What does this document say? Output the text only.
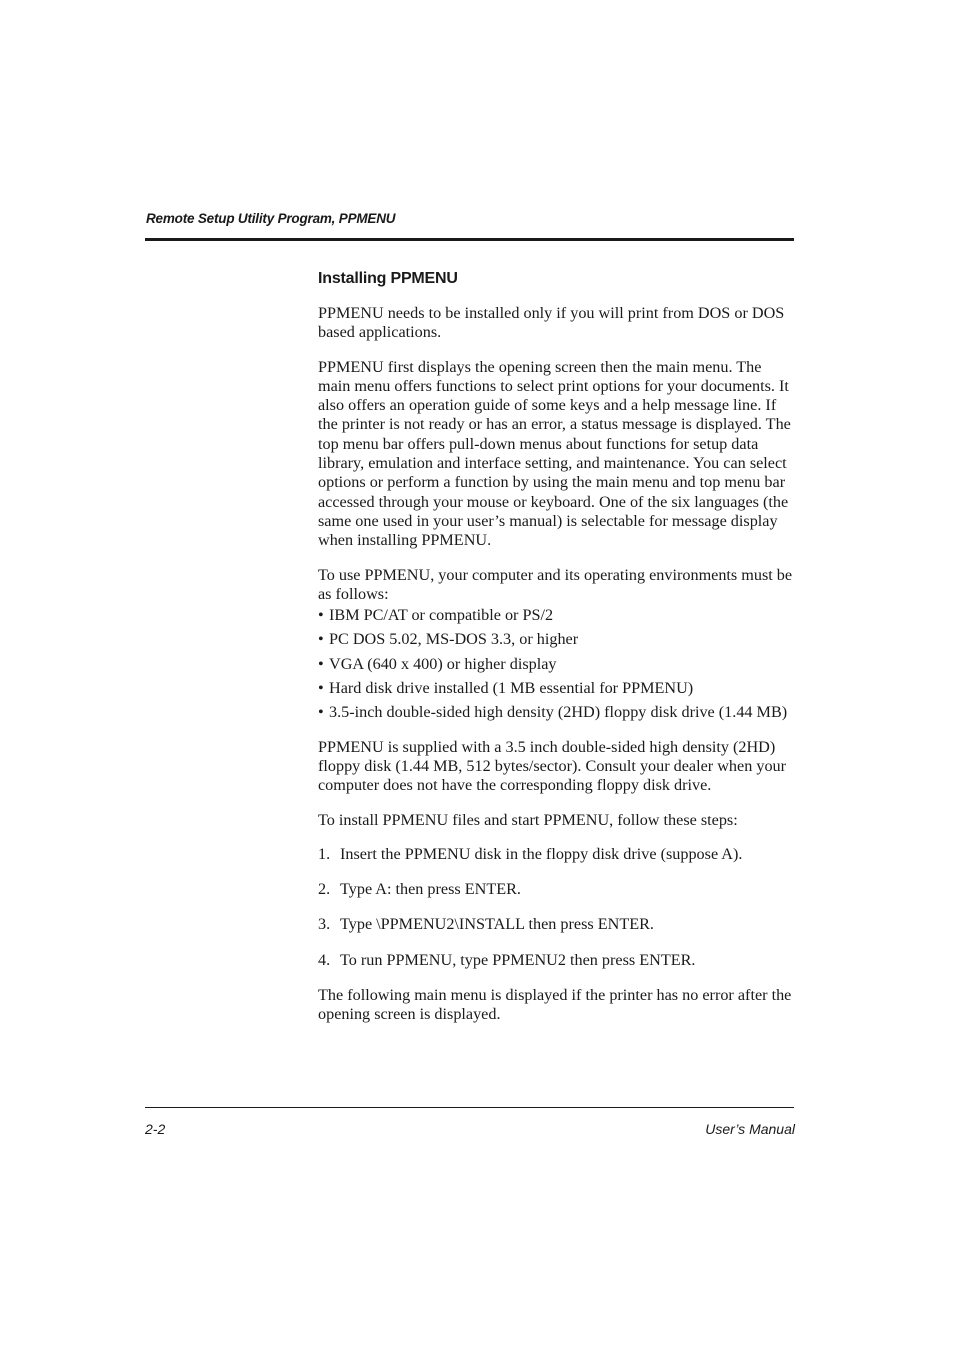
Remote Setup Utility Program, PPMENU
Installing PPMENU

PPMENU needs to be installed only if you will print from DOS or DOS based applications.

PPMENU first displays the opening screen then the main menu. The main menu offers functions to select print options for your documents. It also offers an operation guide of some keys and a help message line. If the printer is not ready or has an error, a status message is displayed. The top menu bar offers pull-down menus about functions for setup data library, emulation and interface setting, and maintenance. You can select options or perform a function by using the main menu and top menu bar accessed through your mouse or keyboard. One of the six languages (the same one used in your user’s manual) is selectable for message display when installing PPMENU.

To use PPMENU, your computer and its operating environments must be as follows:

• IBM PC/AT or compatible or PS/2
• PC DOS 5.02, MS-DOS 3.3, or higher
• VGA (640 x 400) or higher display
• Hard disk drive installed (1 MB essential for PPMENU)
• 3.5-inch double-sided high density (2HD) floppy disk drive (1.44 MB)

PPMENU is supplied with a 3.5 inch double-sided high density (2HD) floppy disk (1.44 MB, 512 bytes/sector). Consult your dealer when your computer does not have the corresponding floppy disk drive.

To install PPMENU files and start PPMENU, follow these steps:

1. Insert the PPMENU disk in the floppy disk drive (suppose A).
2. Type A: then press ENTER.
3. Type \PPMENU2\INSTALL then press ENTER.
4. To run PPMENU, type PPMENU2 then press ENTER.

The following main menu is displayed if the printer has no error after the opening screen is displayed.

2-2	User’s Manual
